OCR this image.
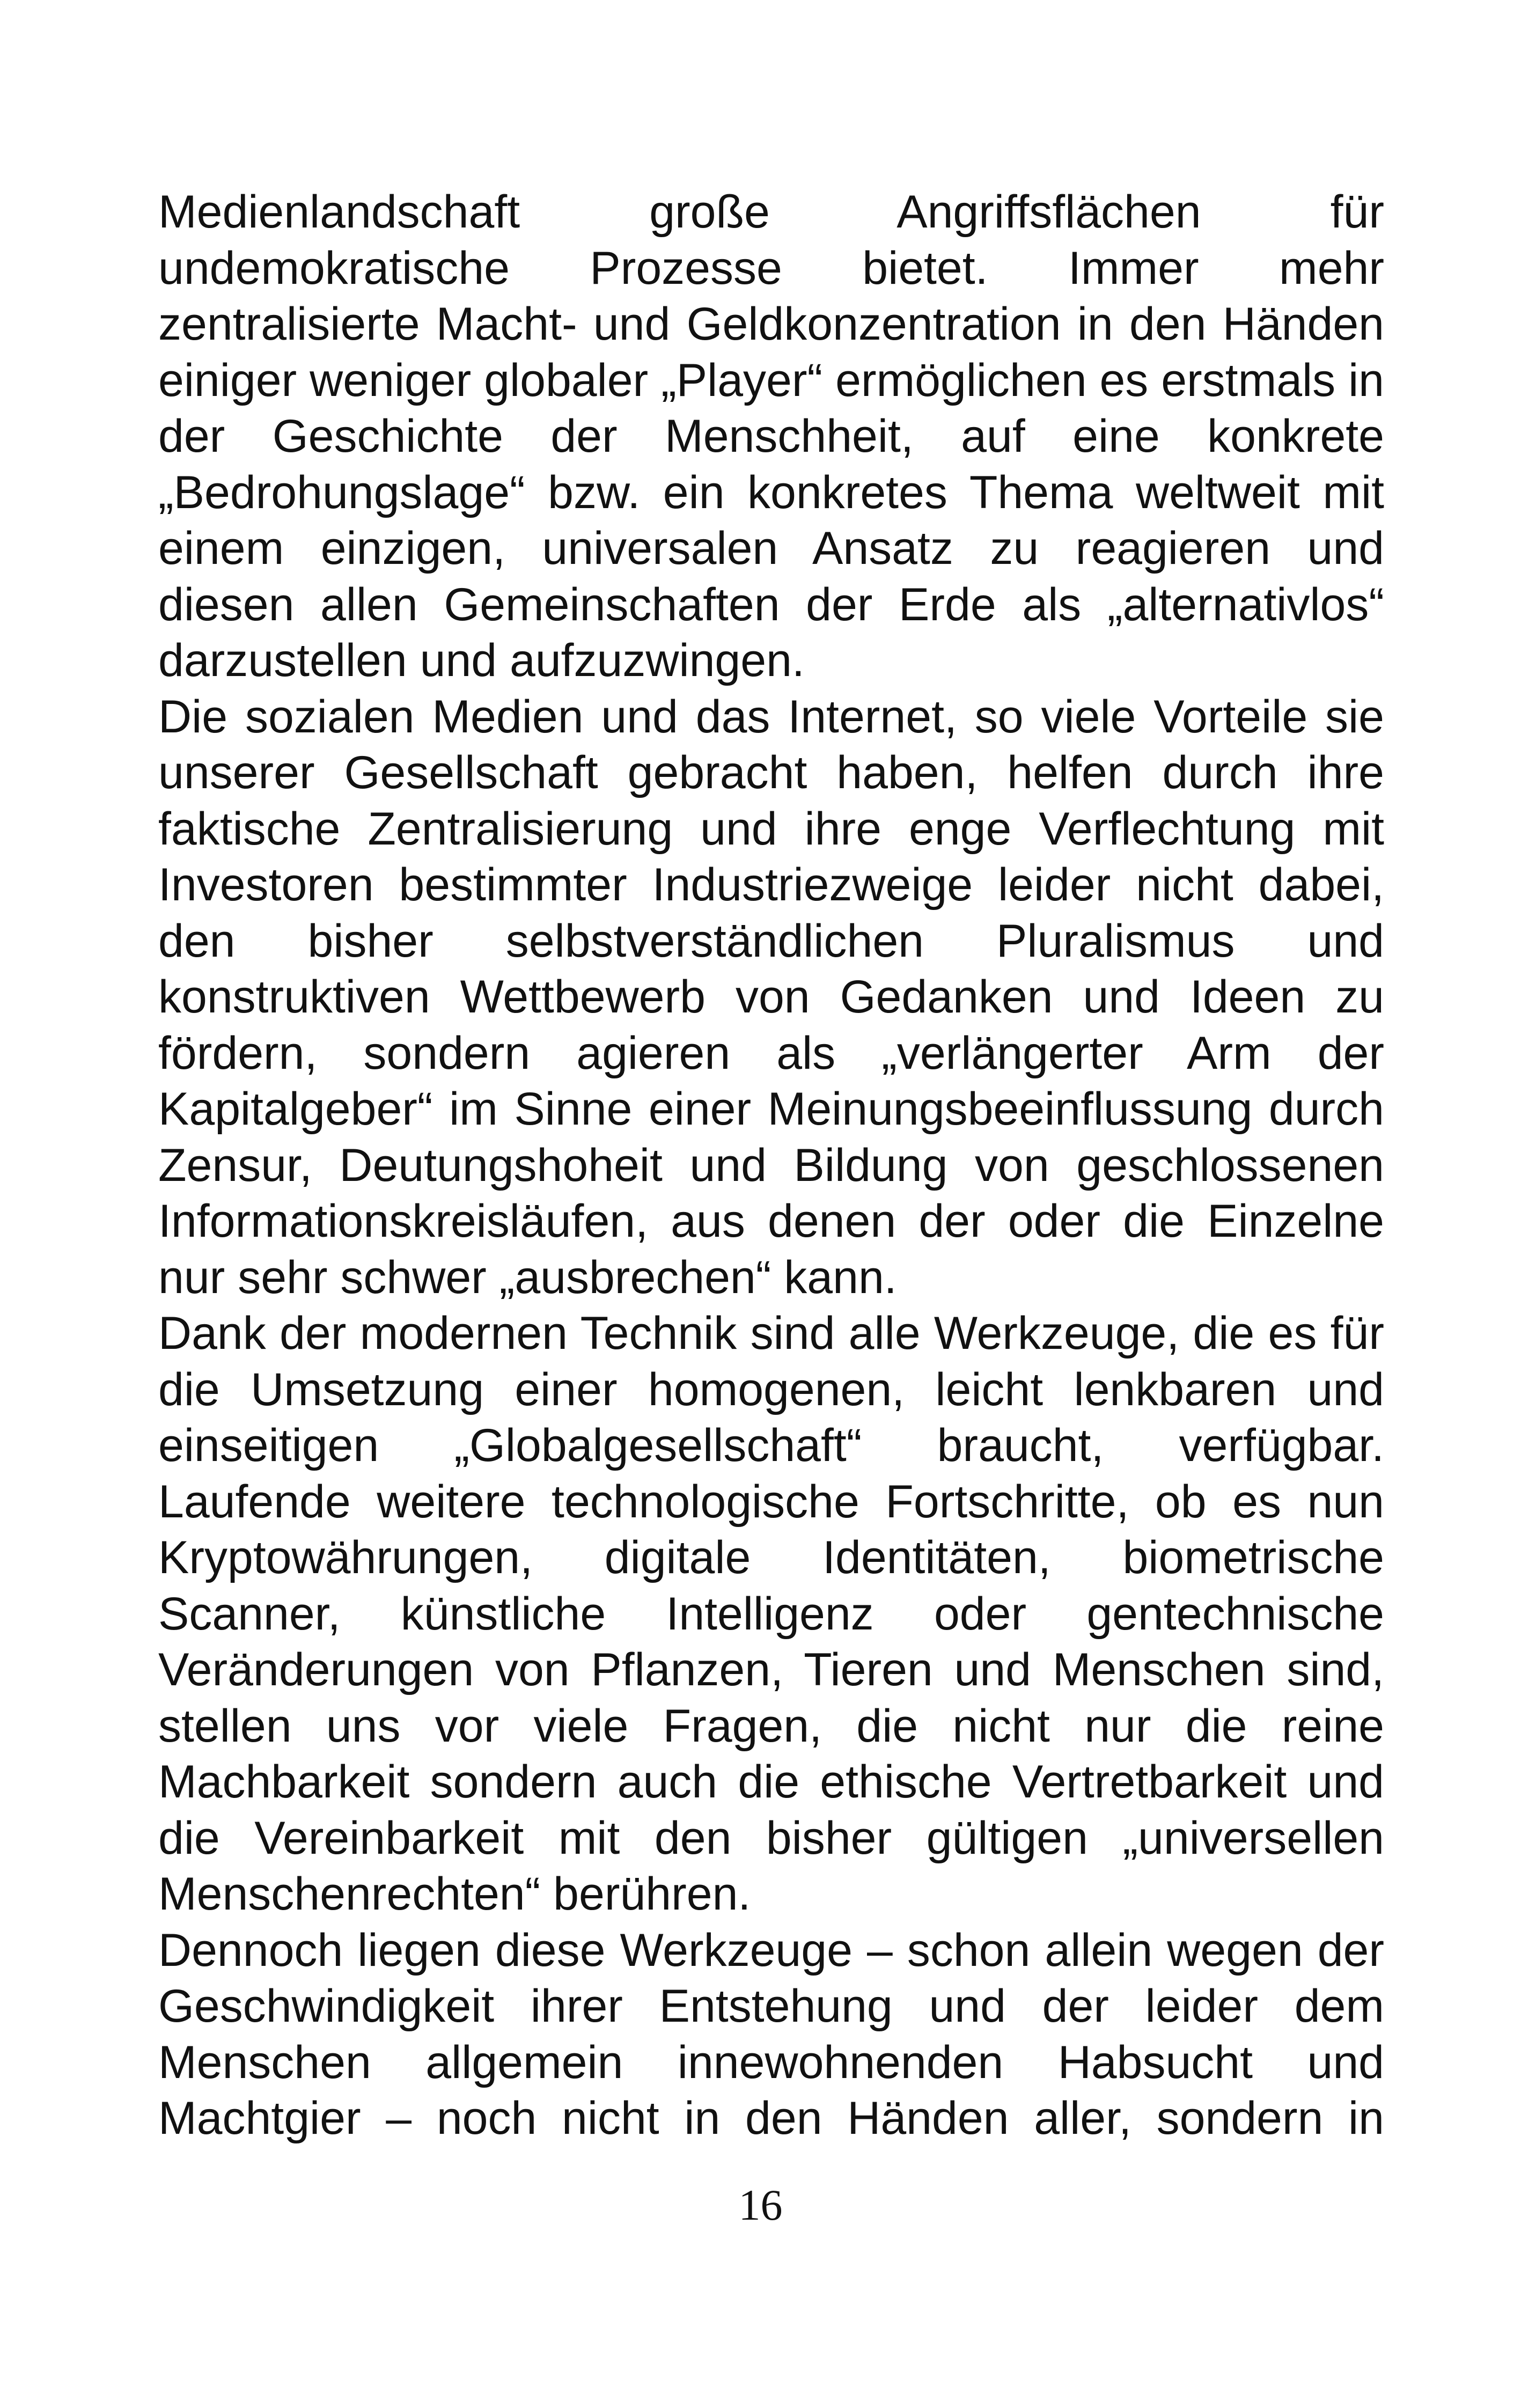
Medienlandschaft große Angriffsflächen für undemokratische Prozesse bietet. Immer mehr zentralisierte Macht- und Geldkonzentration in den Händen einiger weniger globaler „Player“ ermöglichen es erstmals in der Geschichte der Menschheit, auf eine konkrete „Bedrohungslage“ bzw. ein konkretes Thema weltweit mit einem einzigen, universalen Ansatz zu reagieren und diesen allen Gemeinschaften der Erde als „alternativlos“ darzustellen und aufzuzwingen.

Die sozialen Medien und das Internet, so viele Vorteile sie unserer Gesellschaft gebracht haben, helfen durch ihre faktische Zentralisierung und ihre enge Verflechtung mit Investoren bestimmter Industriezweige leider nicht dabei, den bisher selbstverständlichen Pluralismus und konstruktiven Wettbewerb von Gedanken und Ideen zu fördern, sondern agieren als „verlängerter Arm der Kapitalgeber“ im Sinne einer Meinungsbeeinflussung durch Zensur, Deutungshoheit und Bildung von geschlossenen Informationskreisläufen, aus denen der oder die Einzelne nur sehr schwer „ausbrechen“ kann.

Dank der modernen Technik sind alle Werkzeuge, die es für die Umsetzung einer homogenen, leicht lenkbaren und einseitigen „Globalgesellschaft“ braucht, verfügbar. Laufende weitere technologische Fortschritte, ob es nun Kryptowährungen, digitale Identitäten, biometrische Scanner, künstliche Intelligenz oder gentechnische Veränderungen von Pflanzen, Tieren und Menschen sind, stellen uns vor viele Fragen, die nicht nur die reine Machbarkeit sondern auch die ethische Vertretbarkeit und die Vereinbarkeit mit den bisher gültigen „universellen Menschenrechten“ berühren.

Dennoch liegen diese Werkzeuge – schon allein wegen der Geschwindigkeit ihrer Entstehung und der leider dem Menschen allgemein innewohnenden Habsucht und Machtgier – noch nicht in den Händen aller, sondern in

16
